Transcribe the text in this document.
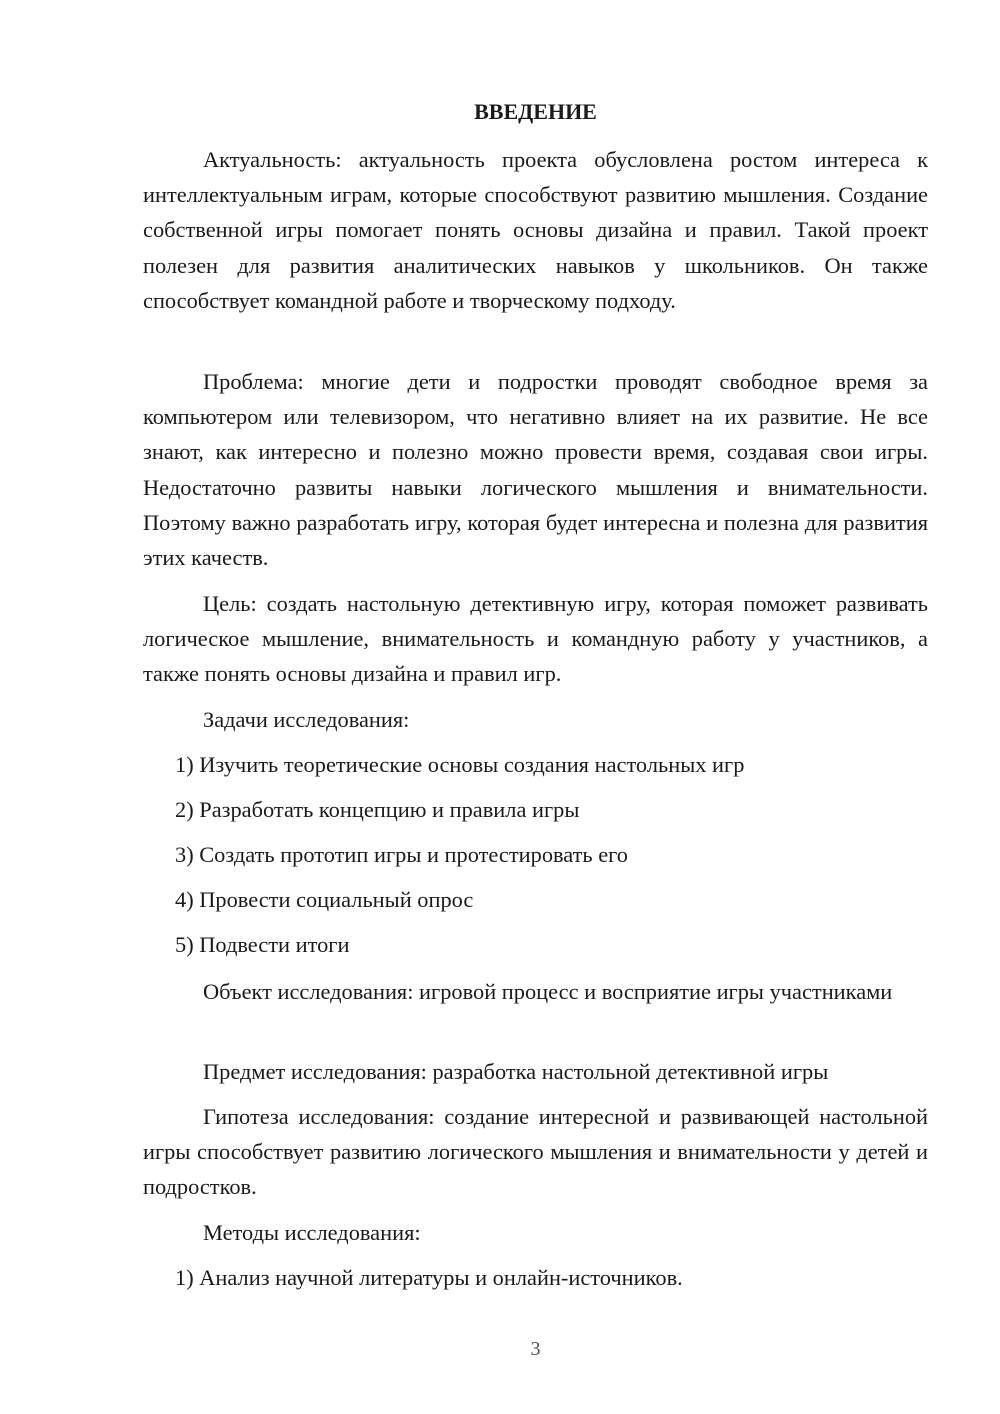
ВВЕДЕНИЕ

Актуальность: актуальность проекта обусловлена ростом интереса к интеллектуальным играм, которые способствуют развитию мышления. Создание собственной игры помогает понять основы дизайна и правил. Такой проект полезен для развития аналитических навыков у школьников. Он также способствует командной работе и творческому подходу.

Проблема: многие дети и подростки проводят свободное время за компьютером или телевизором, что негативно влияет на их развитие. Не все знают, как интересно и полезно можно провести время, создавая свои игры. Недостаточно развиты навыки логического мышления и внимательности. Поэтому важно разработать игру, которая будет интересна и полезна для развития этих качеств.

Цель: создать настольную детективную игру, которая поможет развивать логическое мышление, внимательность и командную работу у участников, а также понять основы дизайна и правил игр.

Задачи исследования:

1) Изучить теоретические основы создания настольных игр

2) Разработать концепцию и правила игры

3) Создать прототип игры и протестировать его

4) Провести социальный опрос

5) Подвести итоги

Объект исследования: игровой процесс и восприятие игры участниками

Предмет исследования: разработка настольной детективной игры

Гипотеза исследования: создание интересной и развивающей настольной игры способствует развитию логического мышления и внимательности у детей и подростков.

Методы исследования:

1) Анализ научной литературы и онлайн-источников.

3
